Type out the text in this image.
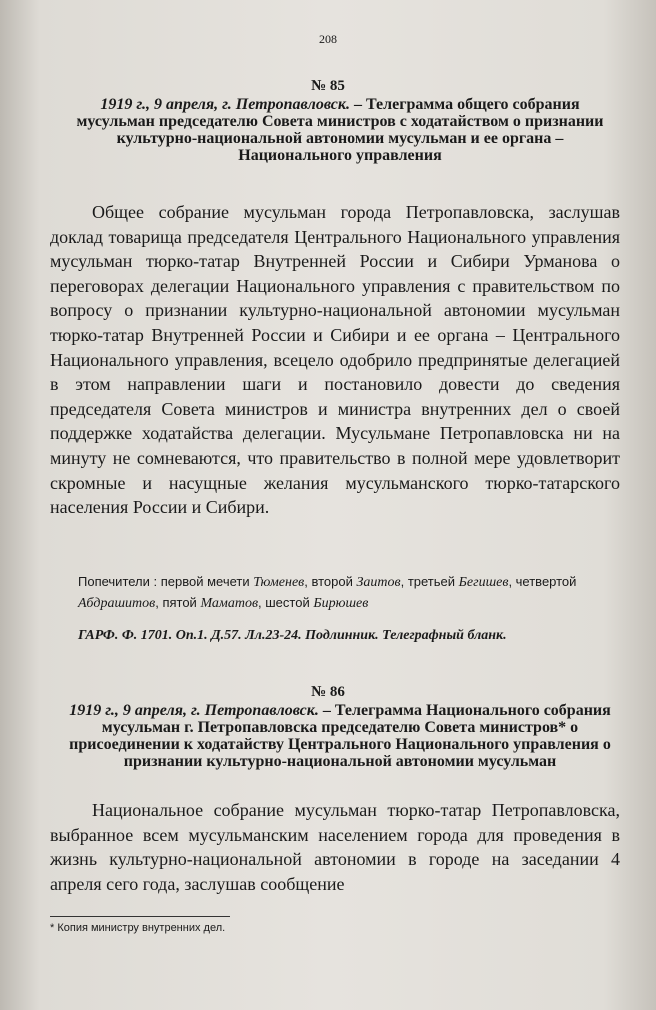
208
№ 85

1919 г., 9 апреля, г. Петропавловск. – Телеграмма общего собрания мусульман председателю Совета министров с ходатайством о признании культурно-национальной автономии мусульман и ее органа – Национального управления

Общее собрание мусульман города Петропавловска, заслушав доклад товарища председателя Центрального Национального управления мусульман тюрко-татар Внутренней России и Сибири Урманова о переговорах делегации Национального управления с правительством по вопросу о признании культурно-национальной автономии мусульман тюрко-татар Внутренней России и Сибири и ее органа – Центрального Национального управления, всецело одобрило предпринятые делегацией в этом направлении шаги и постановило довести до сведения председателя Совета министров и министра внутренних дел о своей поддержке ходатайства делегации. Мусульмане Петропавловска ни на минуту не сомневаются, что правительство в полной мере удовлетворит скромные и насущные желания мусульманского тюрко-татарского населения России и Сибири.

Попечители : первой мечети Тюменев, второй Заитов, третьей Бегишев, четвертой Абдрашитов, пятой Маматов, шестой Бирюшев

ГАРФ. Ф. 1701. Оп.1. Д.57. Лл.23-24. Подлинник. Телеграфный бланк.

№ 86

1919 г., 9 апреля, г. Петропавловск. – Телеграмма Национального собрания мусульман г. Петропавловска председателю Совета министров* о присоединении к ходатайству Центрального Национального управления о признании культурно-национальной автономии мусульман

Национальное собрание мусульман тюрко-татар Петропавловска, выбранное всем мусульманским населением города для проведения в жизнь культурно-национальной автономии в городе на заседании 4 апреля сего года, заслушав сообщение

* Копия министру внутренних дел.
